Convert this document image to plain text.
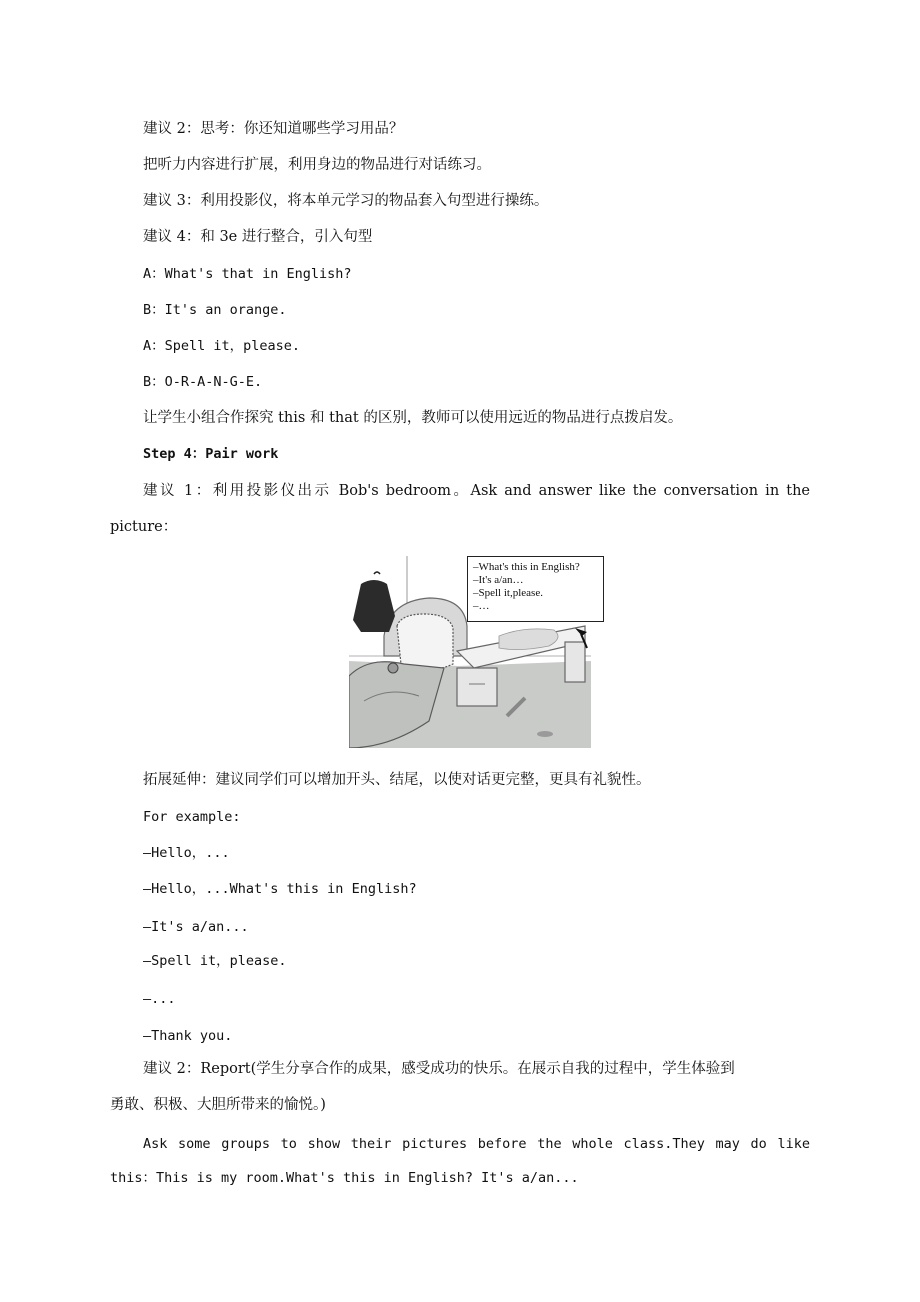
建议 2：思考：你还知道哪些学习用品？
把听力内容进行扩展，利用身边的物品进行对话练习。
建议 3：利用投影仪，将本单元学习的物品套入句型进行操练。
建议 4：和 3e 进行整合，引入句型
A：What's that in English?
B：It's an orange.
A：Spell it，please.
B：O-R-A-N-G-E.
让学生小组合作探究 this 和 that 的区别，教师可以使用远近的物品进行点拨启发。
Step 4：Pair work
建议 1：利用投影仪出示 Bob's bedroom。Ask and answer like the conversation in the
picture：
–What's this in English?
–It's a/an…
–Spell it,please.
–…
拓展延伸：建议同学们可以增加开头、结尾，以使对话更完整，更具有礼貌性。
For example:
—Hello，...
—Hello，...What's this in English?
—It's a/an...
—Spell it，please.
—...
—Thank you.
建议 2：Report(学生分享合作的成果，感受成功的快乐。在展示自我的过程中，学生体验到
勇敢、积极、大胆所带来的愉悦。)
Ask some groups to show their pictures before the whole class.They may do like
this：This is my room.What's this in English? It's a/an...
